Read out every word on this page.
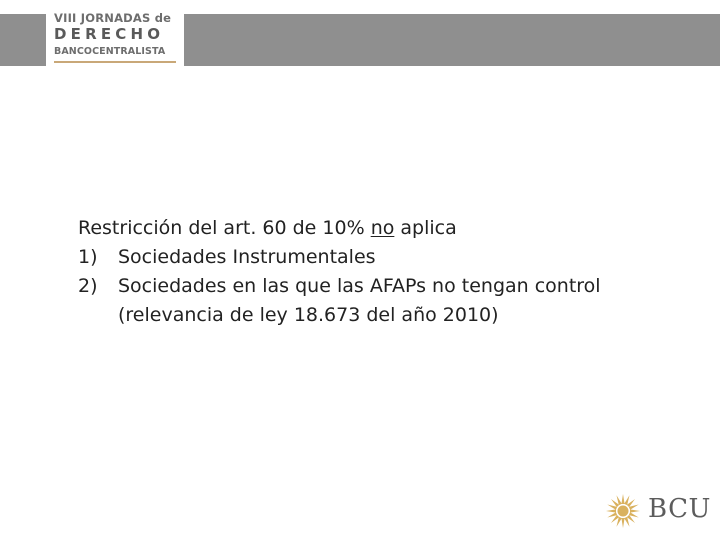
VIII JORNADAS de
DERECHO
BANCOCENTRALISTA
Restricción del art. 60 de 10% no aplica
1)	Sociedades Instrumentales
2)	Sociedades en las que las AFAPs no tengan control (relevancia de ley 18.673 del año 2010)
BCU
